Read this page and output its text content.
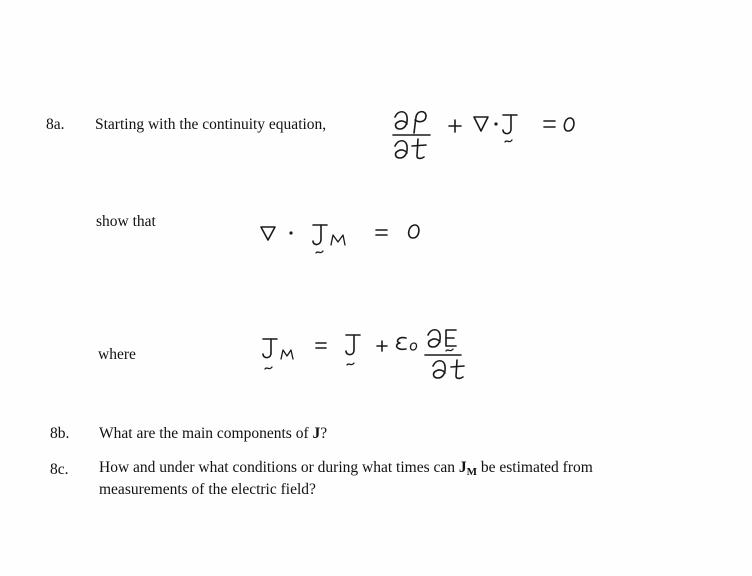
8a. Starting with the continuity equation,
show that
where
8b. What are the main components of J?
8c. How and under what conditions or during what times can JM be estimated from
measurements of the electric field?
